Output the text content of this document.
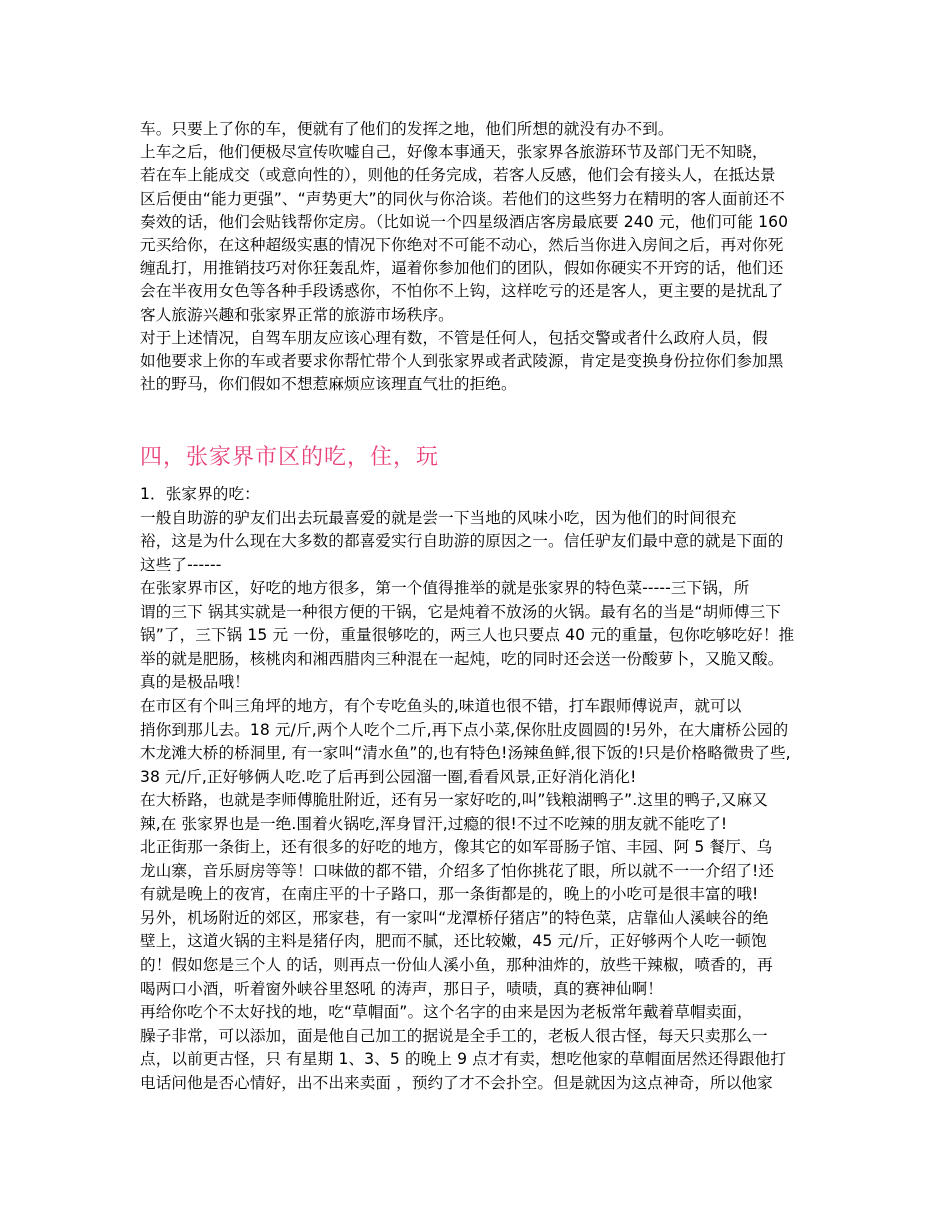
车。只要上了你的车，便就有了他们的发挥之地，他们所想的就没有办不到。
上车之后，他们便极尽宣传吹嘘自己，好像本事通天，张家界各旅游环节及部门无不知晓，
若在车上能成交（或意向性的），则他的任务完成，若客人反感，他们会有接头人，在抵达景
区后便由“能力更强”、“声势更大”的同伙与你洽谈。若他们的这些努力在精明的客人面前还不
奏效的话，他们会贴钱帮你定房。（比如说一个四星级酒店客房最底要 240 元，他们可能 160
元买给你，在这种超级实惠的情况下你绝对不可能不动心，然后当你进入房间之后，再对你死
缠乱打，用推销技巧对你狂轰乱炸，逼着你参加他们的团队，假如你硬实不开窍的话，他们还
会在半夜用女色等各种手段诱惑你，不怕你不上钩，这样吃亏的还是客人，更主要的是扰乱了
客人旅游兴趣和张家界正常的旅游市场秩序。
对于上述情况，自驾车朋友应该心理有数，不管是任何人，包括交警或者什么政府人员，假
如他要求上你的车或者要求你帮忙带个人到张家界或者武陵源，肯定是变换身份拉你们参加黑
社的野马，你们假如不想惹麻烦应该理直气壮的拒绝。
四，张家界市区的吃，住，玩
1．张家界的吃：
一般自助游的驴友们出去玩最喜爱的就是尝一下当地的风味小吃，因为他们的时间很充
裕，这是为什么现在大多数的都喜爱实行自助游的原因之一。信任驴友们最中意的就是下面的
这些了------
在张家界市区，好吃的地方很多，第一个值得推举的就是张家界的特色菜-----三下锅，所
谓的三下 锅其实就是一种很方便的干锅，它是炖着不放汤的火锅。最有名的当是“胡师傅三下
锅”了，三下锅 15 元 一份，重量很够吃的，两三人也只要点 40 元的重量，包你吃够吃好！推
举的就是肥肠，核桃肉和湘西腊肉三种混在一起炖，吃的同时还会送一份酸萝卜，又脆又酸。
真的是极品哦！
在市区有个叫三角坪的地方，有个专吃鱼头的,味道也很不错，打车跟师傅说声，就可以
捎你到那儿去。18 元/斤,两个人吃个二斤,再下点小菜,保你肚皮圆圆的!另外，在大庸桥公园的
木龙滩大桥的桥洞里, 有一家叫“清水鱼”的,也有特色!汤辣鱼鲜,很下饭的!只是价格略微贵了些,
38 元/斤,正好够俩人吃.吃了后再到公园溜一圈,看看风景,正好消化消化!
在大桥路，也就是李师傅脆肚附近，还有另一家好吃的,叫”钱粮湖鸭子”.这里的鸭子,又麻又
辣,在 张家界也是一绝.围着火锅吃,浑身冒汗,过瘾的很!不过不吃辣的朋友就不能吃了!
北正街那一条街上，还有很多的好吃的地方，像其它的如军哥肠子馆、丰园、阿 5 餐厅、乌
龙山寨，音乐厨房等等！口味做的都不错，介绍多了怕你挑花了眼，所以就不一一介绍了!还
有就是晚上的夜宵，在南庄平的十子路口，那一条街都是的，晚上的小吃可是很丰富的哦!
另外，机场附近的郊区，邢家巷，有一家叫“龙潭桥仔猪店”的特色菜，店靠仙人溪峡谷的绝
壁上，这道火锅的主料是猪仔肉，肥而不腻，还比较嫩，45 元/斤，正好够两个人吃一顿饱
的！假如您是三个人 的话，则再点一份仙人溪小鱼，那种油炸的，放些干辣椒，喷香的，再
喝两口小酒，听着窗外峡谷里怒吼 的涛声，那日子，啧啧，真的赛神仙啊！
再给你吃个不太好找的地，吃“草帽面”。这个名字的由来是因为老板常年戴着草帽卖面，
臊子非常，可以添加，面是他自己加工的据说是全手工的，老板人很古怪，每天只卖那么一
点，以前更古怪，只 有星期 1、3、5 的晚上 9 点才有卖，想吃他家的草帽面居然还得跟他打
电话问他是否心情好，出不出来卖面 ，预约了才不会扑空。但是就因为这点神奇，所以他家
